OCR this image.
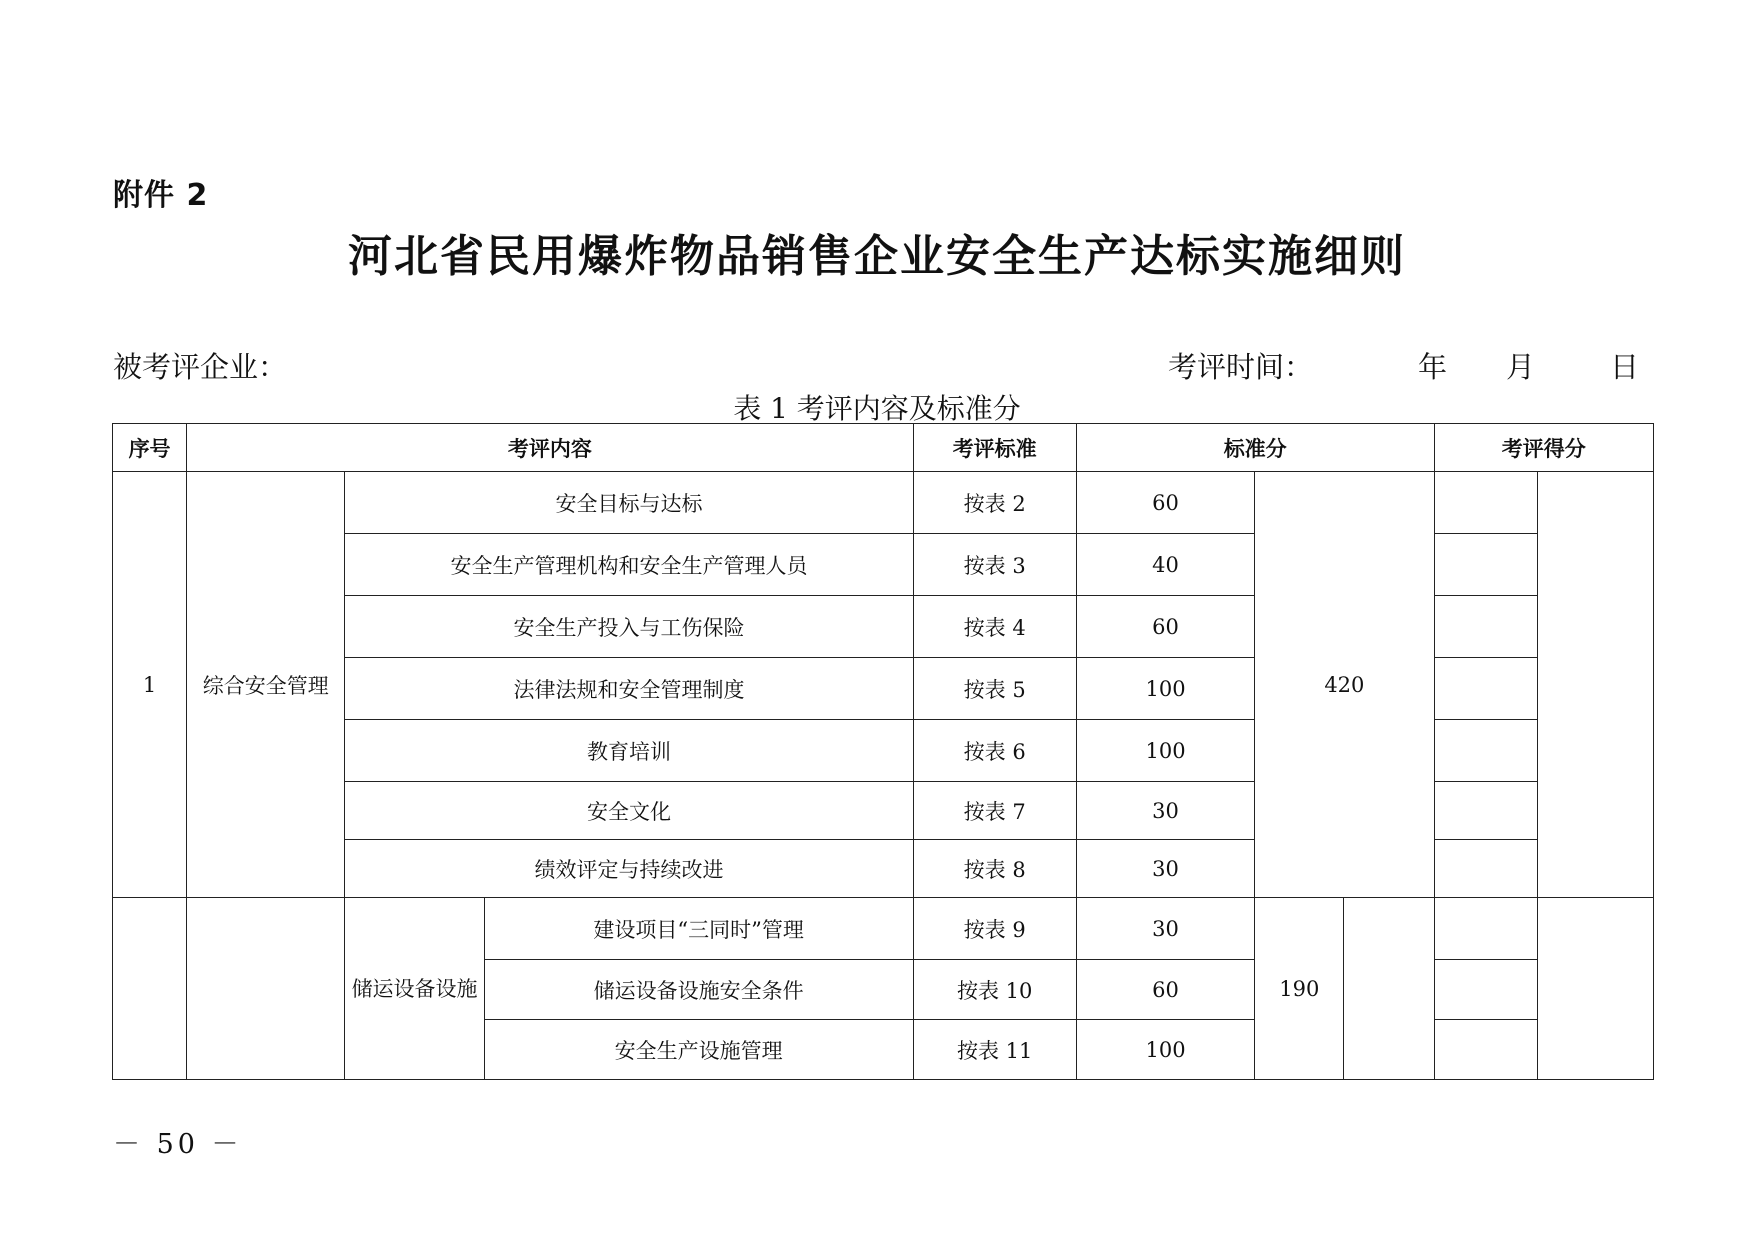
附件 2
河北省民用爆炸物品销售企业安全生产达标实施细则
被考评企业：	考评时间：	年 月	日
表 1 考评内容及标准分
序号	考评内容			考评标准	标准分			考评得分	
1	综合安全管理	安全目标与达标		按表 2	60	420			
		安全生产管理机构和安全生产管理人员		按表 3	40				
		安全生产投入与工伤保险		按表 4	60				
		法律法规和安全管理制度		按表 5	100				
		教育培训		按表 6	100				
		安全文化		按表 7	30				
		绩效评定与持续改进		按表 8	30				
		储运设备设施	建设项目“三同时”管理	按表 9	30	190			
			储运设备设施安全条件	按表 10	60				
			安全生产设施管理	按表 11	100				
－ 50 －
